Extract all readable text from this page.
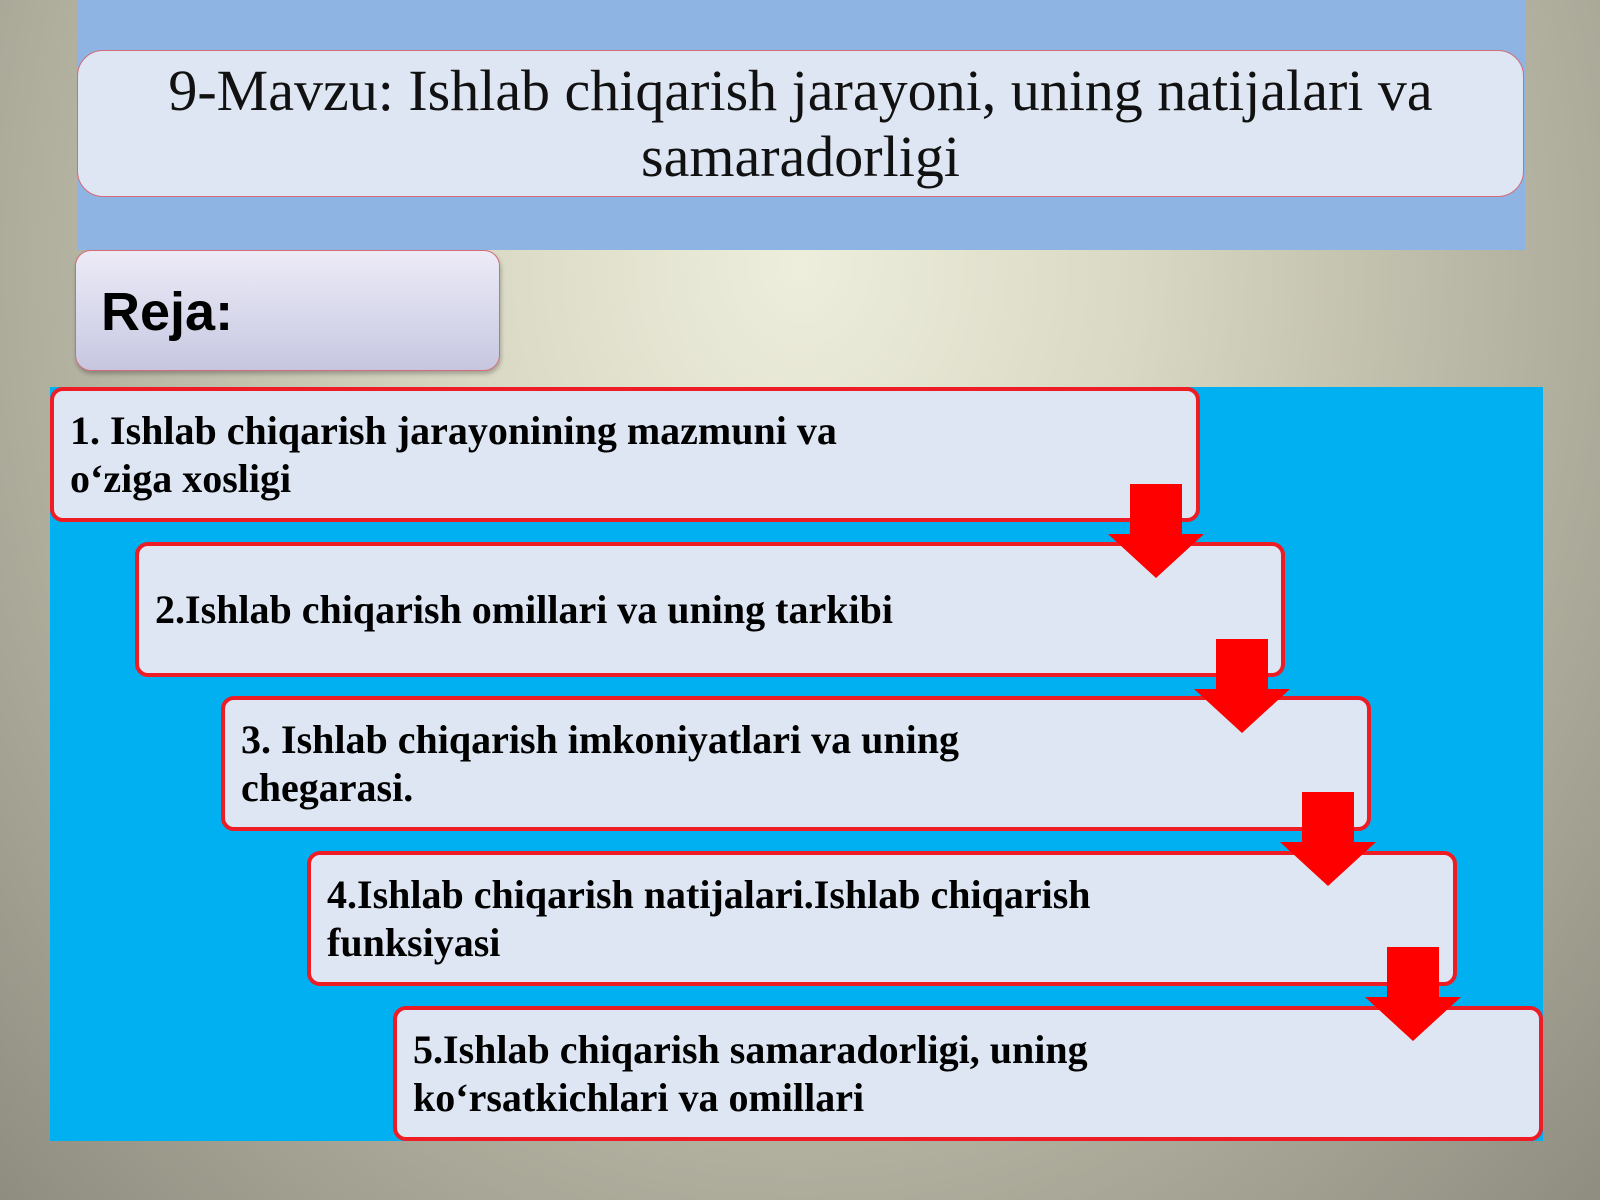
9-Mavzu: Ishlab chiqarish jarayoni, uning natijalari va samaradorligi
Reja:
1. Ishlab chiqarish jarayonining mazmuni va o‘ziga xosligi
2.Ishlab chiqarish omillari va uning tarkibi
3. Ishlab chiqarish imkoniyatlari va uning chegarasi.
4.Ishlab chiqarish natijalari.Ishlab chiqarish funksiyasi
5.Ishlab chiqarish samaradorligi, uning ko‘rsatkichlari va omillari
